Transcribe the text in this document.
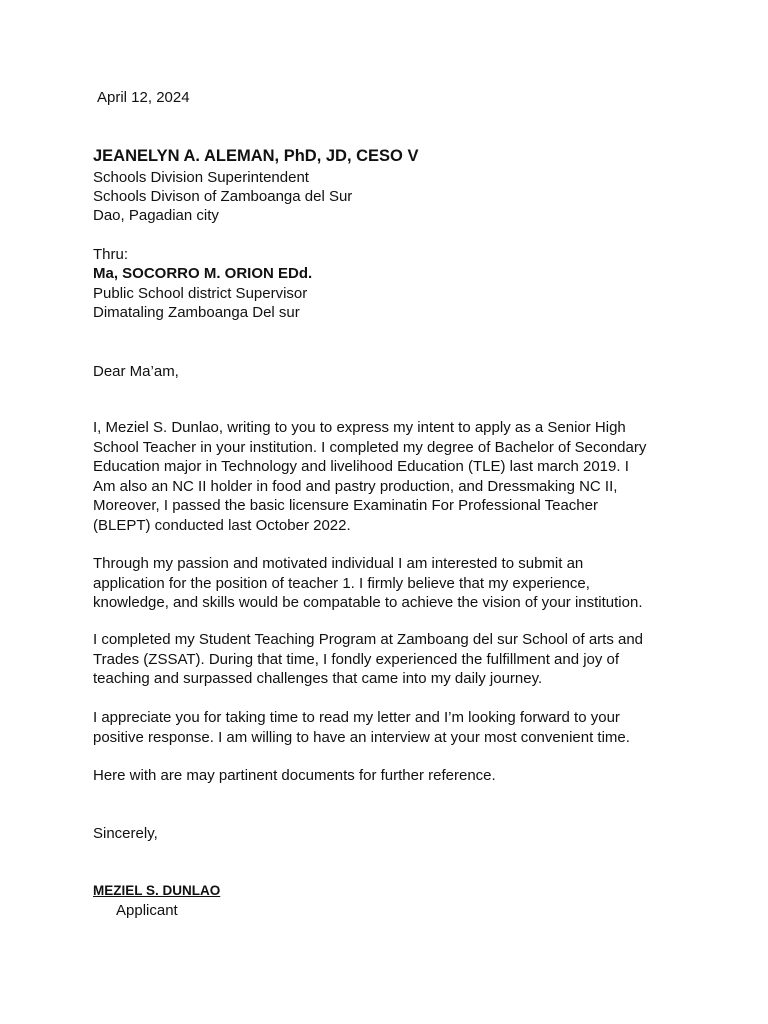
April 12, 2024
JEANELYN A. ALEMAN, PhD, JD, CESO V
Schools Division Superintendent
Schools Divison of Zamboanga del Sur
Dao, Pagadian city
Thru:
Ma, SOCORRO M. ORION EDd.
Public School district Supervisor
Dimataling Zamboanga Del sur
Dear Ma’am,
I, Meziel S. Dunlao, writing to you to express my intent to apply as a Senior High
School Teacher in your institution. I completed my degree of Bachelor of Secondary
Education major in Technology and livelihood Education (TLE) last march 2019. I
Am also an NC II holder in food and pastry production, and Dressmaking NC II,
Moreover, I passed the basic licensure Examinatin For Professional Teacher
(BLEPT) conducted last October 2022.
Through my passion and motivated individual I am interested to submit an
application for the position of teacher 1. I firmly believe that my experience,
knowledge, and skills would be compatable to achieve the vision of your institution.
I completed my Student Teaching Program at Zamboang del sur School of arts and
Trades (ZSSAT). During that time, I fondly experienced the fulfillment and joy of
teaching and surpassed challenges that came into my daily journey.
I appreciate you for taking time to read my letter and I’m looking forward to your
positive response. I am willing to have an interview at your most convenient time.
Here with are may partinent documents for further reference.
Sincerely,
MEZIEL S. DUNLAO
Applicant
